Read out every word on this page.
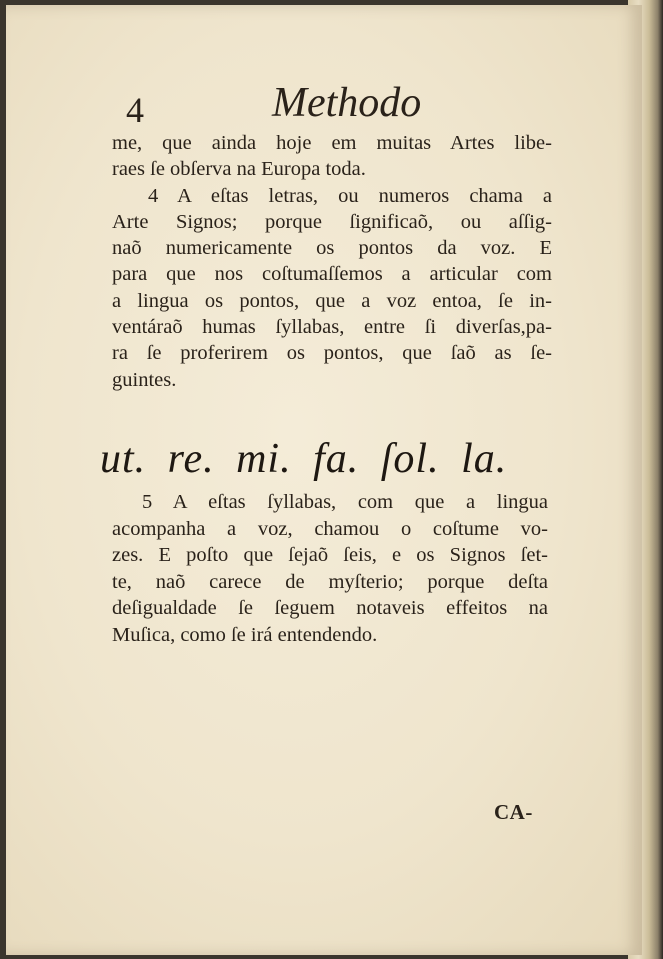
4	Methodo
me, que ainda hoje em muitas Artes libe-
raes ſe obſerva na Europa toda.
4 A eſtas letras, ou numeros chama a
Arte Signos; porque ſignificaõ, ou aſſig-
naõ numericamente os pontos da voz. E
para que nos coſtumaſſemos a articular com
a lingua os pontos, que a voz entoa, ſe in-
ventáraõ humas ſyllabas, entre ſi diverſas,pa-
ra ſe proferirem os pontos, que ſaõ as ſe-
guintes.
ut. re. mi. fa. ſol. la.
5 A eſtas ſyllabas, com que a lingua
acompanha a voz, chamou o coſtume vo-
zes. E poſto que ſejaõ ſeis, e os Signos ſet-
te, naõ carece de myſterio; porque deſta
deſigualdade ſe ſeguem notaveis effeitos na
Muſica, como ſe irá entendendo.
CA-
